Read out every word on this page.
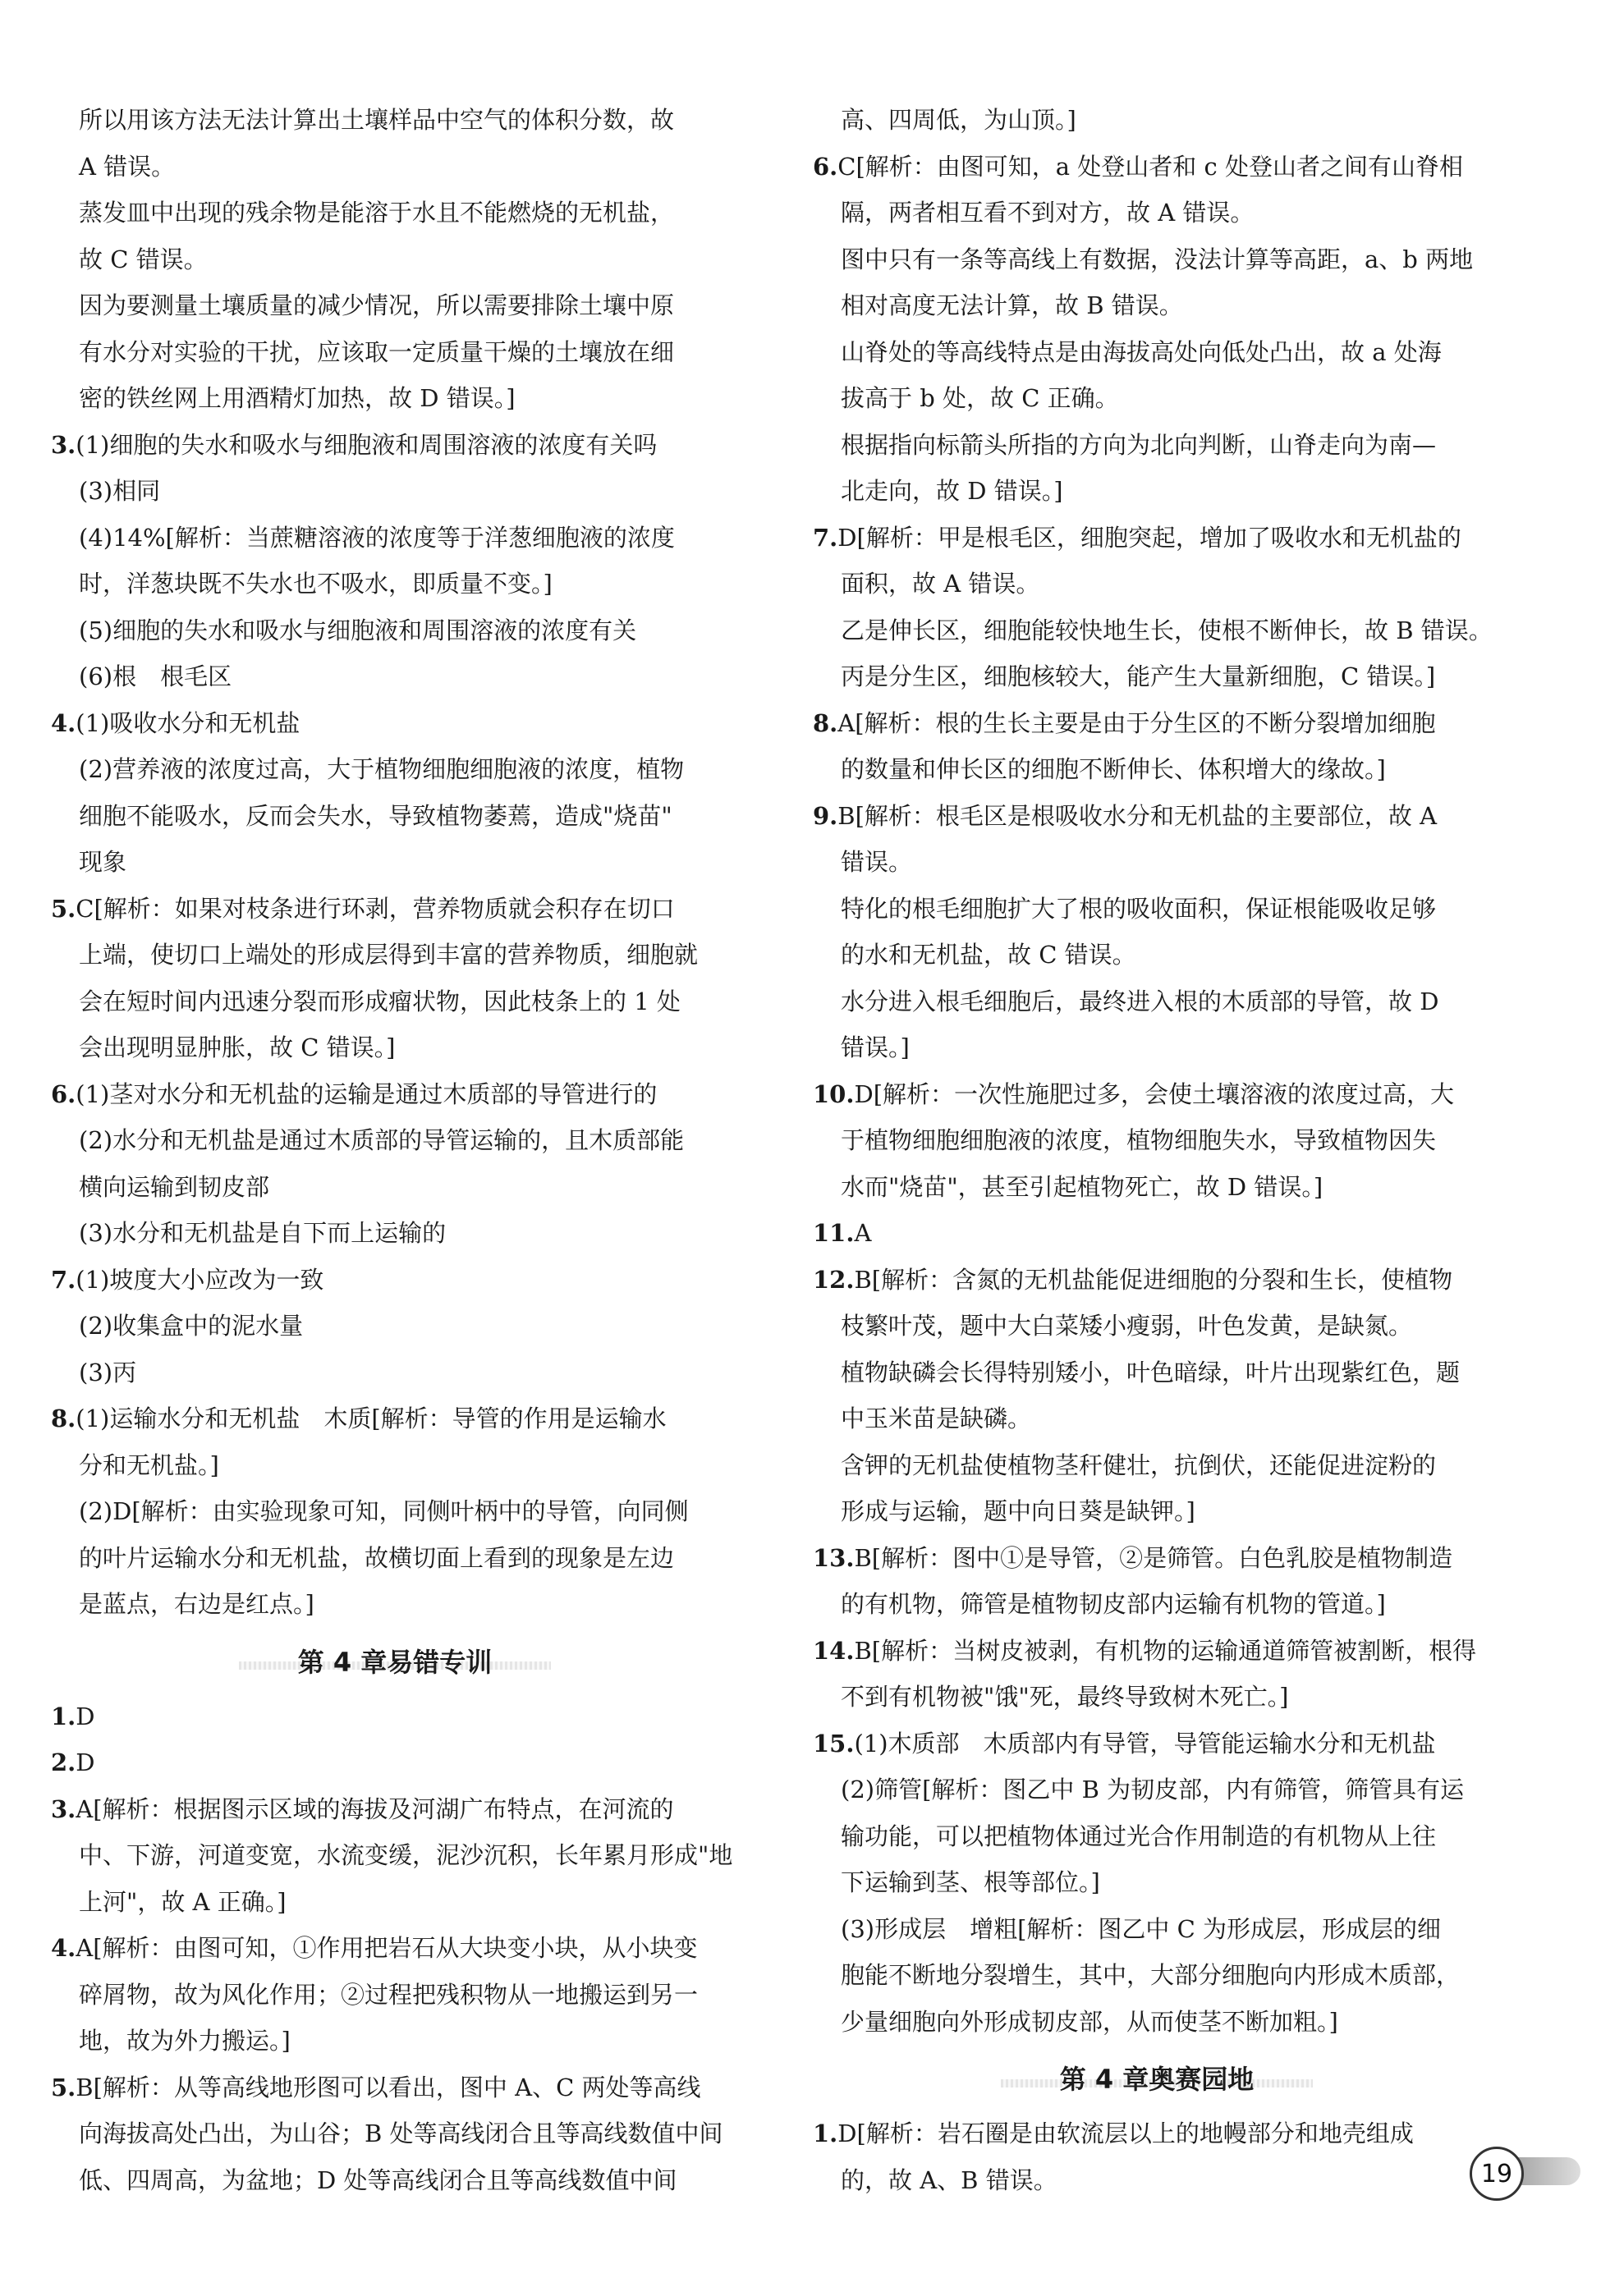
所以用该方法无法计算出土壤样品中空气的体积分数，故
A 错误。
蒸发皿中出现的残余物是能溶于水且不能燃烧的无机盐，
故 C 错误。
因为要测量土壤质量的减少情况，所以需要排除土壤中原
有水分对实验的干扰，应该取一定质量干燥的土壤放在细
密的铁丝网上用酒精灯加热，故 D 错误。]
3.(1)细胞的失水和吸水与细胞液和周围溶液的浓度有关吗
(3)相同
(4)14%[解析：当蔗糖溶液的浓度等于洋葱细胞液的浓度
时，洋葱块既不失水也不吸水，即质量不变。]
(5)细胞的失水和吸水与细胞液和周围溶液的浓度有关
(6)根　根毛区
4.(1)吸收水分和无机盐
(2)营养液的浓度过高，大于植物细胞细胞液的浓度，植物
细胞不能吸水，反而会失水，导致植物萎蔫，造成"烧苗"
现象
5.C[解析：如果对枝条进行环剥，营养物质就会积存在切口
上端，使切口上端处的形成层得到丰富的营养物质，细胞就
会在短时间内迅速分裂而形成瘤状物，因此枝条上的 1 处
会出现明显肿胀，故 C 错误。]
6.(1)茎对水分和无机盐的运输是通过木质部的导管进行的
(2)水分和无机盐是通过木质部的导管运输的，且木质部能
横向运输到韧皮部
(3)水分和无机盐是自下而上运输的
7.(1)坡度大小应改为一致
(2)收集盒中的泥水量
(3)丙
8.(1)运输水分和无机盐　木质[解析：导管的作用是运输水
分和无机盐。]
(2)D[解析：由实验现象可知，同侧叶柄中的导管，向同侧
的叶片运输水分和无机盐，故横切面上看到的现象是左边
是蓝点，右边是红点。]
第 4 章易错专训
1.D
2.D
3.A[解析：根据图示区域的海拔及河湖广布特点，在河流的
中、下游，河道变宽，水流变缓，泥沙沉积，长年累月形成"地
上河"，故 A 正确。]
4.A[解析：由图可知，①作用把岩石从大块变小块，从小块变
碎屑物，故为风化作用；②过程把残积物从一地搬运到另一
地，故为外力搬运。]
5.B[解析：从等高线地形图可以看出，图中 A、C 两处等高线
向海拔高处凸出，为山谷；B 处等高线闭合且等高线数值中间
低、四周高，为盆地；D 处等高线闭合且等高线数值中间
高、四周低，为山顶。]
6.C[解析：由图可知，a 处登山者和 c 处登山者之间有山脊相
隔，两者相互看不到对方，故 A 错误。
图中只有一条等高线上有数据，没法计算等高距，a、b 两地
相对高度无法计算，故 B 错误。
山脊处的等高线特点是由海拔高处向低处凸出，故 a 处海
拔高于 b 处，故 C 正确。
根据指向标箭头所指的方向为北向判断，山脊走向为南—
北走向，故 D 错误。]
7.D[解析：甲是根毛区，细胞突起，增加了吸收水和无机盐的
面积，故 A 错误。
乙是伸长区，细胞能较快地生长，使根不断伸长，故 B 错误。
丙是分生区，细胞核较大，能产生大量新细胞，C 错误。]
8.A[解析：根的生长主要是由于分生区的不断分裂增加细胞
的数量和伸长区的细胞不断伸长、体积增大的缘故。]
9.B[解析：根毛区是根吸收水分和无机盐的主要部位，故 A
错误。
特化的根毛细胞扩大了根的吸收面积，保证根能吸收足够
的水和无机盐，故 C 错误。
水分进入根毛细胞后，最终进入根的木质部的导管，故 D
错误。]
10.D[解析：一次性施肥过多，会使土壤溶液的浓度过高，大
于植物细胞细胞液的浓度，植物细胞失水，导致植物因失
水而"烧苗"，甚至引起植物死亡，故 D 错误。]
11.A
12.B[解析：含氮的无机盐能促进细胞的分裂和生长，使植物
枝繁叶茂，题中大白菜矮小瘦弱，叶色发黄，是缺氮。
植物缺磷会长得特别矮小，叶色暗绿，叶片出现紫红色，题
中玉米苗是缺磷。
含钾的无机盐使植物茎秆健壮，抗倒伏，还能促进淀粉的
形成与运输，题中向日葵是缺钾。]
13.B[解析：图中①是导管，②是筛管。白色乳胶是植物制造
的有机物，筛管是植物韧皮部内运输有机物的管道。]
14.B[解析：当树皮被剥，有机物的运输通道筛管被割断，根得
不到有机物被"饿"死，最终导致树木死亡。]
15.(1)木质部　木质部内有导管，导管能运输水分和无机盐
(2)筛管[解析：图乙中 B 为韧皮部，内有筛管，筛管具有运
输功能，可以把植物体通过光合作用制造的有机物从上往
下运输到茎、根等部位。]
(3)形成层　增粗[解析：图乙中 C 为形成层，形成层的细
胞能不断地分裂增生，其中，大部分细胞向内形成木质部，
少量细胞向外形成韧皮部，从而使茎不断加粗。]
第 4 章奥赛园地
1.D[解析：岩石圈是由软流层以上的地幔部分和地壳组成
的，故 A、B 错误。	19
